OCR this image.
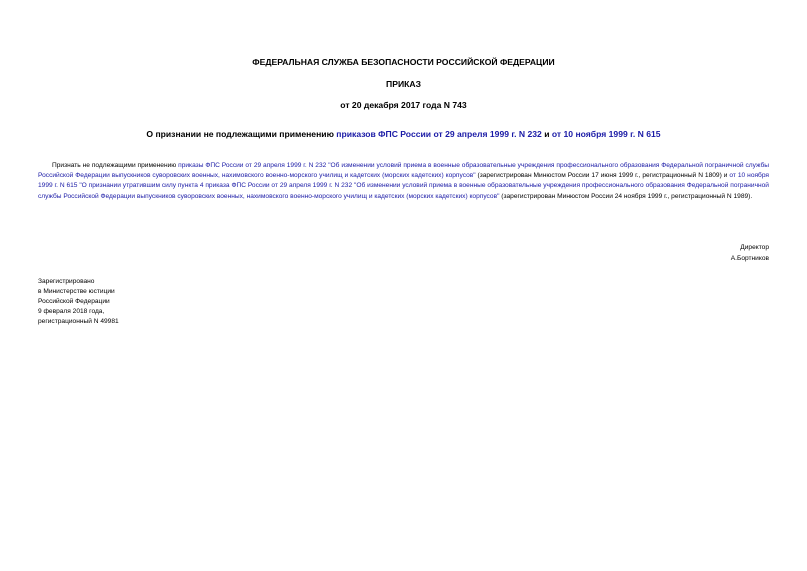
ФЕДЕРАЛЬНАЯ СЛУЖБА БЕЗОПАСНОСТИ РОССИЙСКОЙ ФЕДЕРАЦИИ
ПРИКАЗ
от 20 декабря 2017 года N 743
О признании не подлежащими применению приказов ФПС России от 29 апреля 1999 г. N 232 и от 10 ноября 1999 г. N 615

Признать не подлежащими применению приказы ФПС России от 29 апреля 1999 г. N 232 "Об изменении условий приема в военные образовательные учреждения профессионального образования Федеральной пограничной службы Российской Федерации выпускников суворовских военных, нахимовского военно-морского училищ и кадетских (морских кадетских) корпусов" (зарегистрирован Минюстом России 17 июня 1999 г., регистрационный N 1809) и от 10 ноября 1999 г. N 615 "О признании утратившим силу пункта 4 приказа ФПС России от 29 апреля 1999 г. N 232 "Об изменении условий приема в военные образовательные учреждения профессионального образования Федеральной пограничной службы Российской Федерации выпускников суворовских военных, нахимовского военно-морского училищ и кадетских (морских кадетских) корпусов" (зарегистрирован Минюстом России 24 ноября 1999 г., регистрационный N 1989).

Директор
А.Бортников
Зарегистрировано
в Министерстве юстиции
Российской Федерации
9 февраля 2018 года,
регистрационный N 49981
